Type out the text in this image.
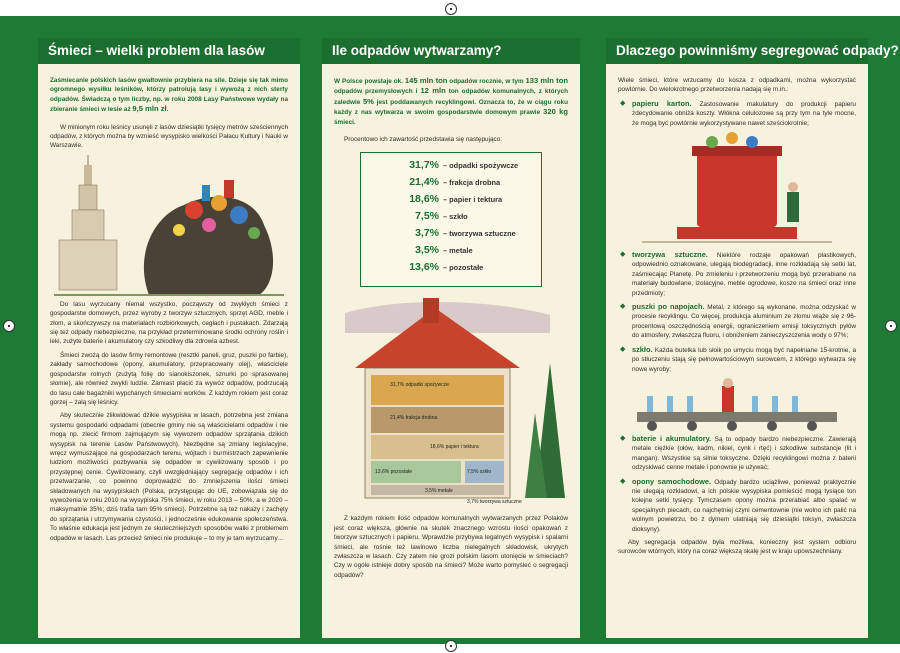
Śmieci – wielki problem dla lasów
Zaśmiecanie polskich lasów gwałtownie przybiera na sile. Dzieje się tak mimo ogromnego wysiłku leśników, którzy patrolują lasy i wywożą z nich sterty odpadów. Świadczą o tym liczby, np. w roku 2008 Lasy Państwowe wydały na zbieranie śmieci w lesie aż 9,5 mln zł.

W minionym roku leśnicy usunęli z lasów dziesiątki tysięcy metrów sześciennych odpadów, z których można by wznieść wysypisko wielkości Pałacu Kultury i Nauki w Warszawie.

Do lasu wyrzucany niemal wszystko, począwszy od zwykłych śmieci z gospodarstw domowych, przez wyroby z tworzyw sztucznych, sprzęt AGD, meble i złom, a skończywszy na materiałach rozbiórkowych, cegłach i pustakach. Zdarzają się też odpady niebezpieczne, na przykład przeterminowane środki ochrony roślin i leki, zużyte baterie i akumulatory czy szkodliwy dla zdrowia azbest.

Śmieci zwożą do lasów firmy remontowe (resztki paneli, gruz, puszki po farbie), zakłady samochodowe (opony, akumulatory, przepracowany olej), właściciele gospodarstw rolnych (zużytą folię do sianokiszonek, sznurki po sprasowanej słomie), ale również zwykli ludzie. Zamiast płacić za wywóz odpadów, podrzucają do lasu całe bagażniki wypchanych śmieciami worków. Z każdym rokiem jest coraz gorzej – żalą się leśnicy.

Aby skutecznie zlikwidować dzikie wysypiska w lasach, potrzebna jest zmiana systemu gospodarki odpadami (obecnie gminy nie są właścicielami odpadów i nie mogą np. zlecić firmom zajmującym się wywozem odpadów sprzątania dzikich wysypisk na terenie Lasów Państwowych). Niezbędne są zmiany legislacyjne, wręcz wymuszające na gospodarzach terenu, wójtach i burmistrzach zapewnienie ludziom możliwości pozbywania się odpadów w cywilizowany sposób i po przystępnej cenie. Cywilizowany, czyli uwzględniający segregację odpadów i ich przetwarzanie, co powinno doprowadzić do zmniejszenia ilości śmieci składowanych na wysypiskach (Polska, przystępując do UE, zobowiązała się do wywożenia w roku 2010 na wysypiska 75% śmieci, w roku 2013 – 50%, a w 2020 – maksymalnie 35%; dziś trafia tam 95% śmieci). Potrzebne są też nakazy i zachęty do sprzątania i utrzymywania czystości, i jednocześnie edukowanie społeczeństwa. To właśnie edukacja jest jednym ze skuteczniejszych sposobów walki z problemem odpadów w lasach. Las przecież śmieci nie produkuje – to my je tam wyrzucamy…

Ile odpadów wytwarzamy?
W Polsce powstaje ok. 145 mln ton odpadów rocznie, w tym 133 mln ton odpadów przemysłowych i 12 mln ton odpadów komunalnych, z których zaledwie 5% jest poddawanych recyklingowi. Oznacza to, że w ciągu roku każdy z nas wytwarza w swoim gospodarstwie domowym prawie 320 kg śmieci.

Procentowo ich zawartość przedstawia się następująco:

31,7% – odpadki spożywcze
21,4% – frakcja drobna
18,6% – papier i tektura
7,5% – szkło
3,7% – tworzywa sztuczne
3,5% – metale
13,6% – pozostałe
31,7% odpadki spożywcze
21,4% frakcja drobna
18,6% papier i tektura
13,6% pozostałe	7,5% szkło
3,5% metale
3,7% tworzywa sztuczne

Z każdym rokiem ilość odpadów komunalnych wytwarzanych przez Polaków jest coraz większa, głównie na skutek znacznego wzrostu ilości opakowań z tworzyw sztucznych i papieru. Wprawdzie przybywa legalnych wysypisk i spalarni śmieci, ale rośnie też lawinowo liczba nielegalnych składowisk, ukrytych zwłaszcza w lasach. Czy zatem nie grozi polskim lasom utonięcie w śmieciach? Czy w ogóle istnieje dobry sposób na śmieci? Może warto pomyśleć o segregacji odpadów?

Dlaczego powinniśmy segregować odpady?

Wiele śmieci, które wrzucamy do kosza z odpadkami, można wykorzystać powtórnie. Do wielokrotnego przetworzenia nadają się m.in.:

◆ papieru karton. Zastosowanie makulatury do produkcji papieru zdecydowanie obniża koszty. Włókna celulozowe są przy tym na tyle mocne, że mogą być powtórnie wykorzystywane nawet sześciokrotnie;
◆ tworzywa sztuczne. Niektóre rodzaje opakowań plastikowych, odpowiednio oznakowane, ulegają biodegradacji, inne rozkładają się setki lat, zaśmiecając Planetę. Po zmieleniu i przetworzeniu mogą być przerabiane na materiały budowlane, izolacyjne, meble ogrodowe, kosze na śmieci oraz inne przedmioty;
◆ puszki po napojach. Metal, z którego są wykonane, można odzyskać w procesie recyklingu. Co więcej, produkcja aluminium ze złomu wiąże się z 96-procentową oszczędnością energii, ograniczeniem emisji toksycznych pyłów do atmosfery, zwłaszcza fluoru, i obniżeniem zanieczyszczenia wody o 97%;
◆ szkło. Każda butelka lub słoik po umyciu mogą być napełniane 15-krotnie, a po stłuczeniu stają się pełnowartościowym surowcem, z którego wytwarza się nowe wyroby;
◆ baterie i akumulatory. Są to odpady bardzo niebezpieczne. Zawierają metale ciężkie (ołów, kadm, nikiel, cynk i rtęć) i szkodliwe substancje (lit i mangan). Wszystkie są silnie toksyczne. Dzięki recyklingowi można z baterii odzyskiwać cenne metale i ponownie je używać;
◆ opony samochodowe. Odpady bardzo uciążliwe, ponieważ praktycznie nie ulegają rozkładowi, a ich polskie wysypiska pomieścić mogą tysiące ton kolejne setki tysięcy. Tymczasem opony można przerabiać albo spalać w specjalnych piecach, co najchętniej czyni cementownie (nie wolno ich palić na wolnym powietrzu, bo z dymem ulatniają się dziesiątki toksyn, zwłaszcza dioksyny).

Aby segregacja odpadów była możliwa, konieczny jest system odbioru surowców wtórnych, który na coraz większą skalę jest w kraju upowszechniany.
